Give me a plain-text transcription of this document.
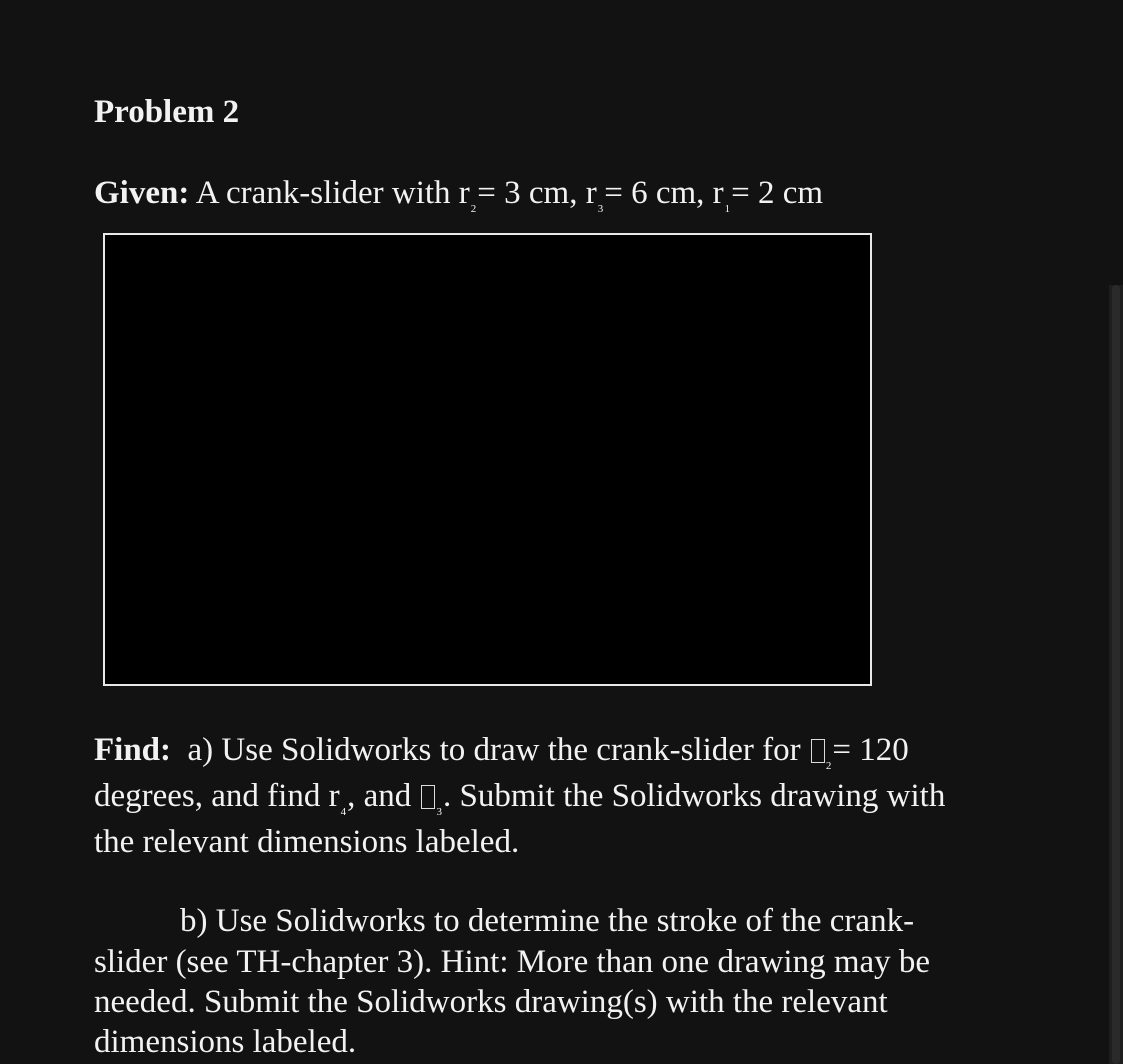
Problem 2
Given: A crank-slider with $r_2= 3$ cm, $r_3= 6$ cm, $r_1= 2$ cm
Find: a) Use Solidworks to draw the crank-slider for $_2$= 120
degrees, and find $r_4$, and $_3$. Submit the Solidworks drawing with
the relevant dimensions labeled.
b) Use Solidworks to determine the stroke of the crank-
slider (see TH-chapter 3). Hint: More than one drawing may be
needed. Submit the Solidworks drawing(s) with the relevant
dimensions labeled.
